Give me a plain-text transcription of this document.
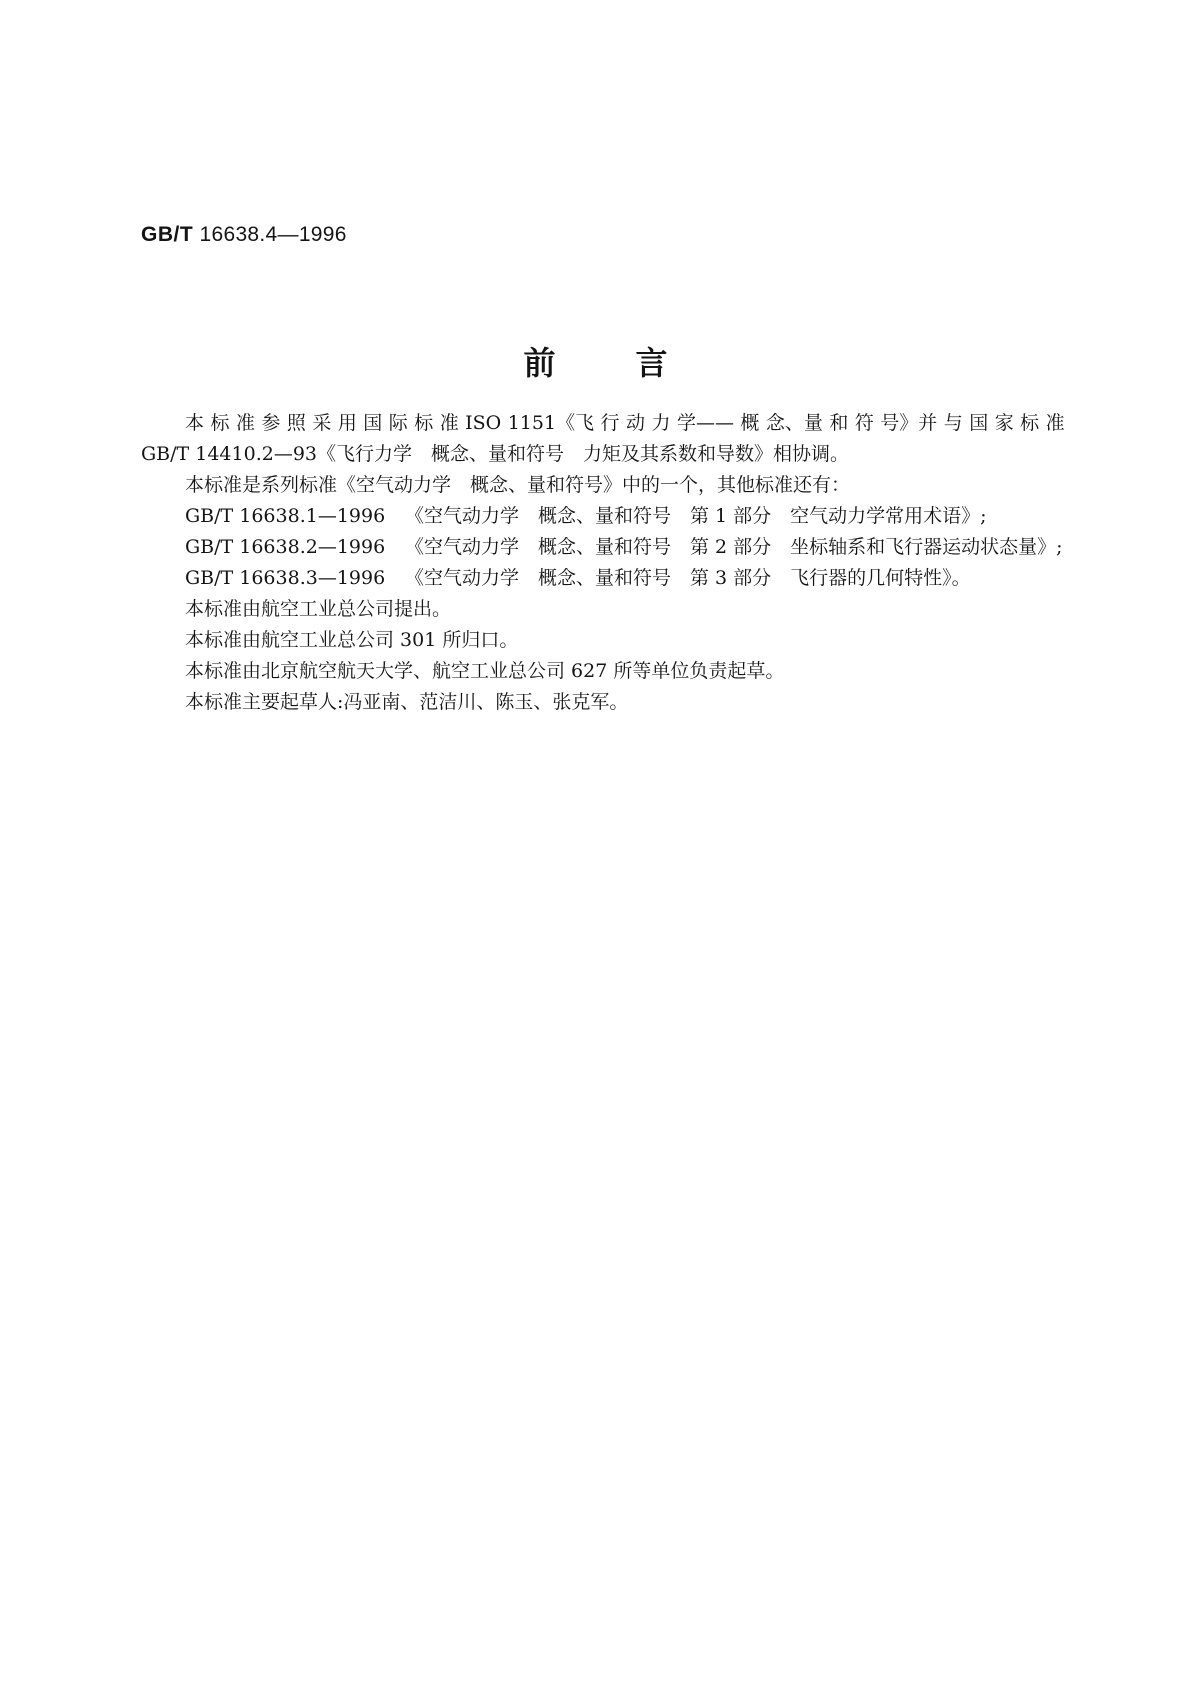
GB/T 16638.4—1996
前言
本 标 准 参 照 采 用 国 际 标 准 ISO 1151《飞 行 动 力 学—— 概 念、量 和 符 号》并 与 国 家 标 准

GB/T 14410.2—93《飞行力学　概念、量和符号　力矩及其系数和导数》相协调。

本标准是系列标准《空气动力学　概念、量和符号》中的一个，其他标准还有：

GB/T 16638.1—1996	《空气动力学　概念、量和符号　第 1 部分　空气动力学常用术语》;
GB/T 16638.2—1996	《空气动力学　概念、量和符号　第 2 部分　坐标轴系和飞行器运动状态量》;
GB/T 16638.3—1996	《空气动力学　概念、量和符号　第 3 部分　飞行器的几何特性》。

本标准由航空工业总公司提出。

本标准由航空工业总公司 301 所归口。

本标准由北京航空航天大学、航空工业总公司 627 所等单位负责起草。

本标准主要起草人:冯亚南、范洁川、陈玉、张克军。
